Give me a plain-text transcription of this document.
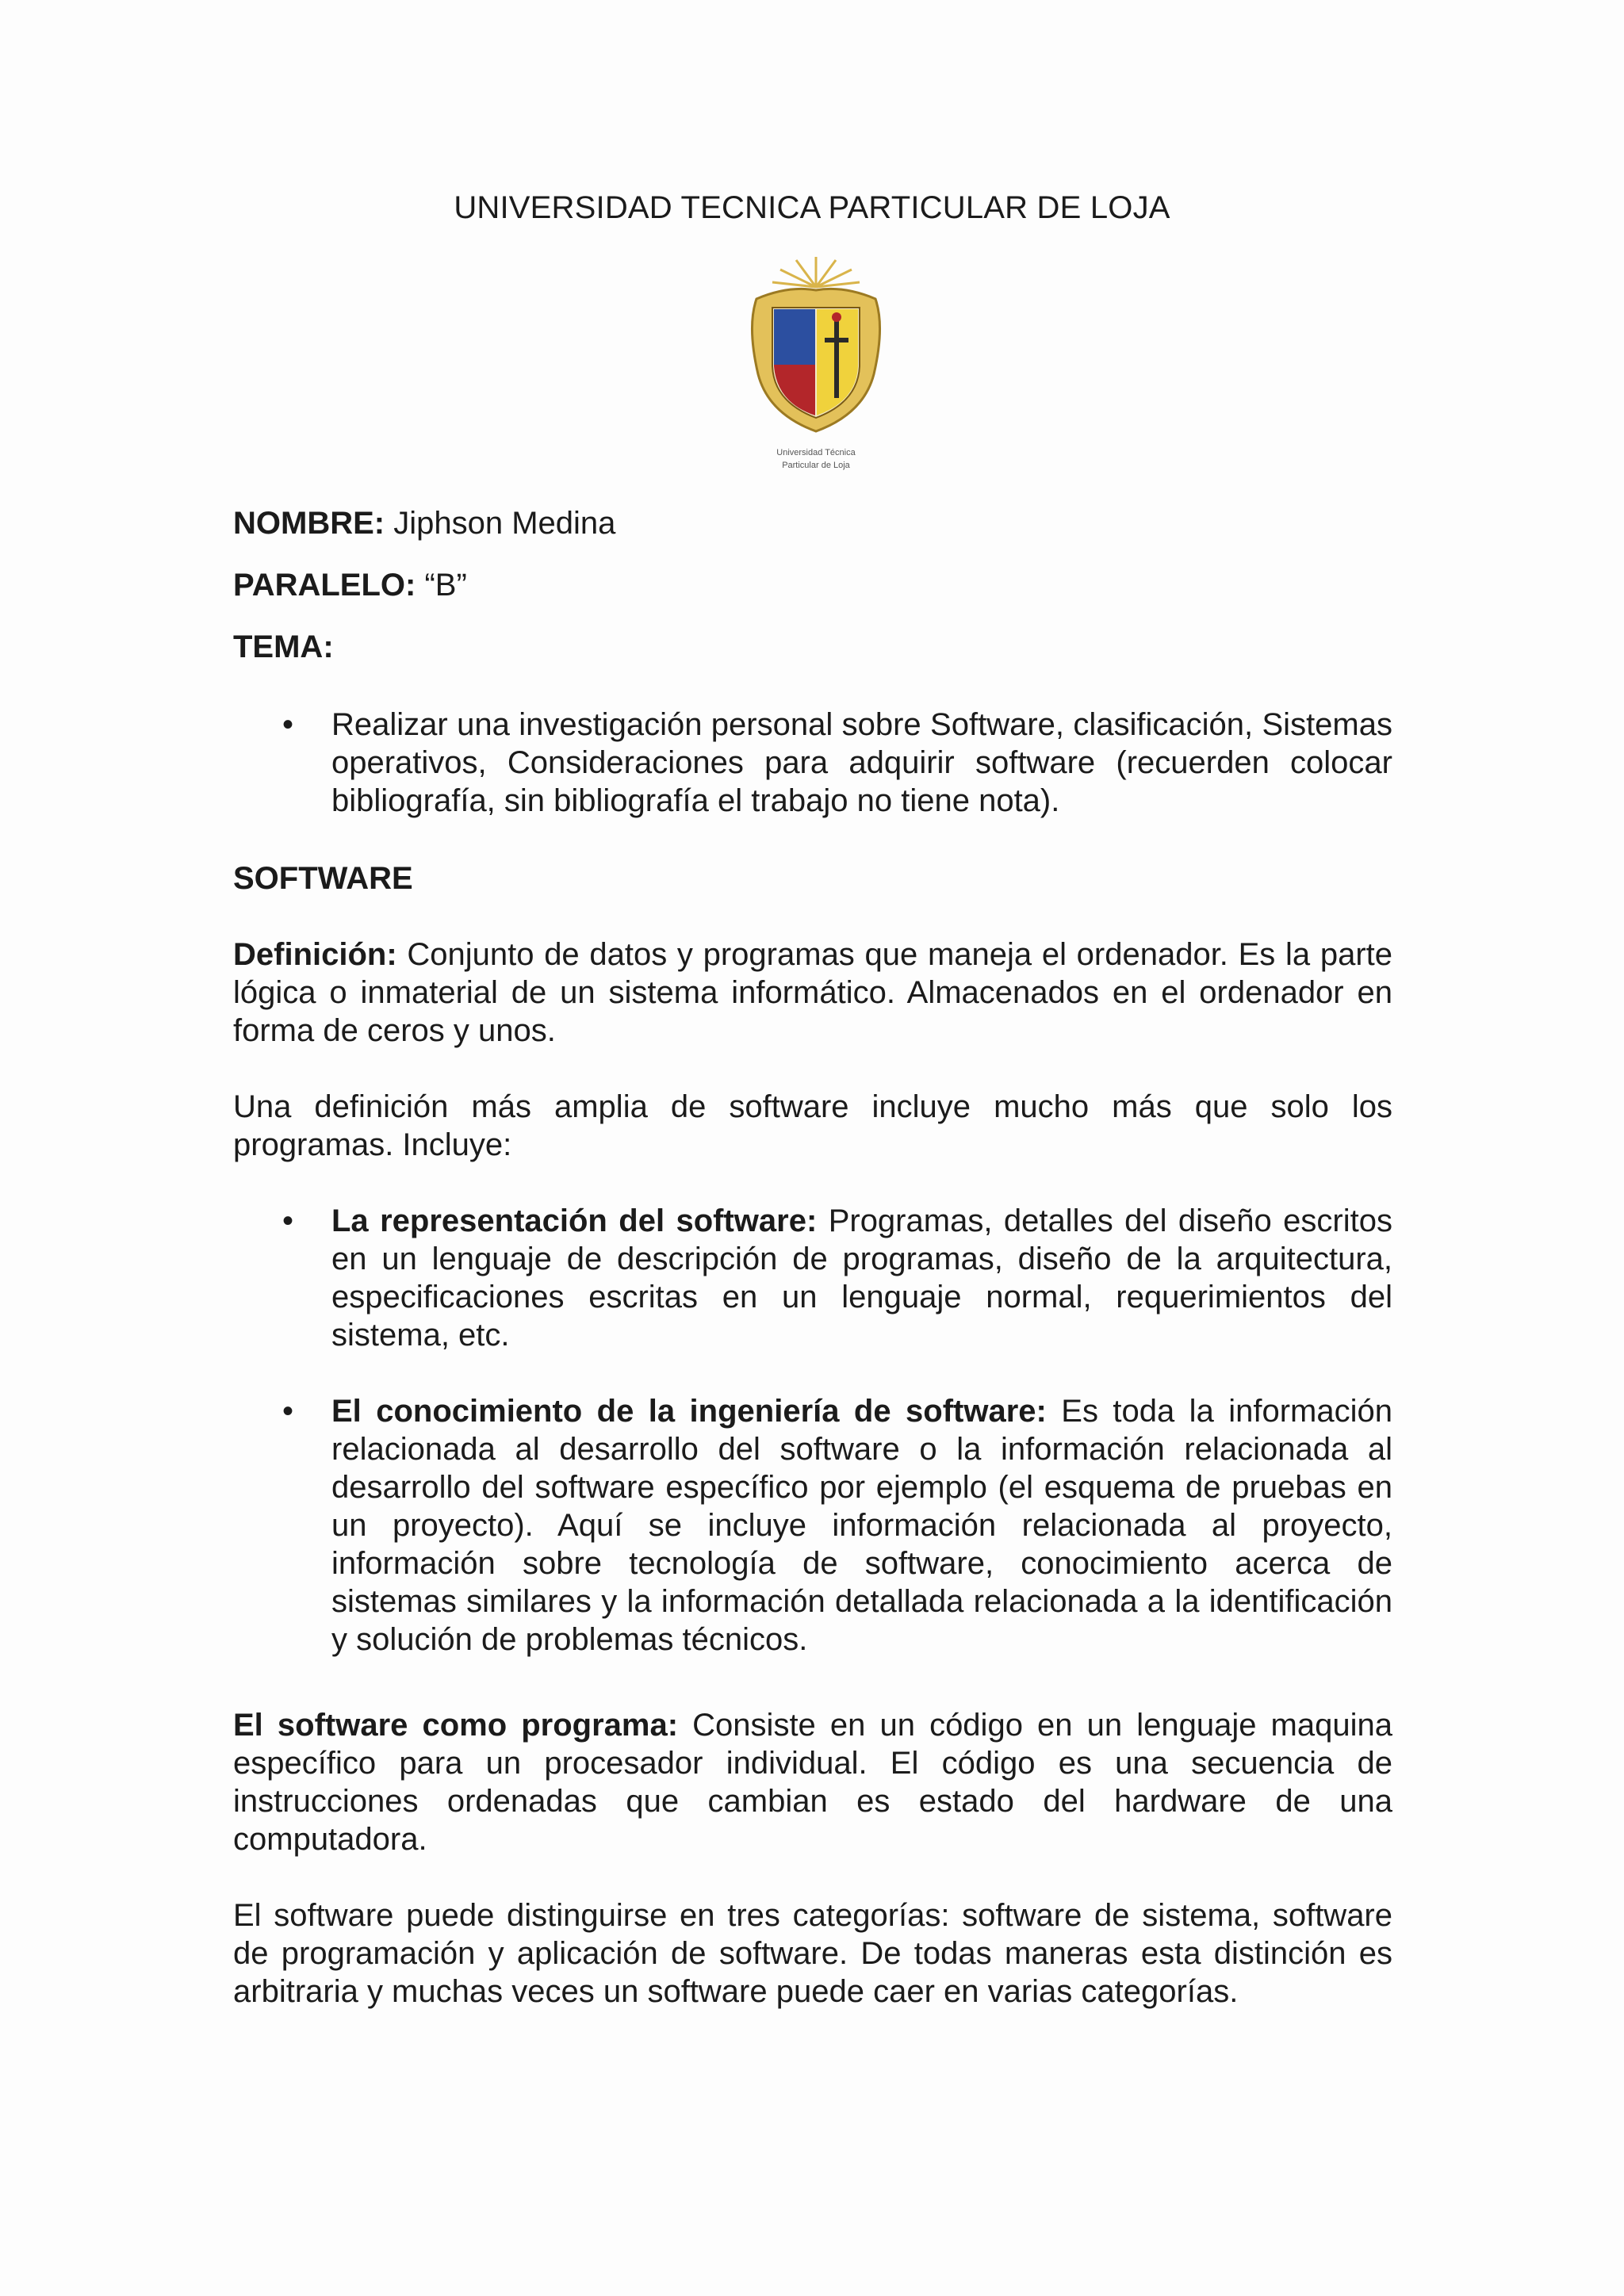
UNIVERSIDAD TECNICA PARTICULAR DE LOJA
Universidad Técnica
Particular de Loja

NOMBRE: Jiphson Medina

PARALELO: “B”

TEMA:

• Realizar una investigación personal sobre Software, clasificación, Sistemas operativos, Consideraciones para adquirir software (recuerden colocar bibliografía, sin bibliografía el trabajo no tiene nota).

SOFTWARE

Definición: Conjunto de datos y programas que maneja el ordenador. Es la parte lógica o inmaterial de un sistema informático. Almacenados en el ordenador en forma de ceros y unos.

Una definición más amplia de software incluye mucho más que solo los programas. Incluye:

• La representación del software: Programas, detalles del diseño escritos en un lenguaje de descripción de programas, diseño de la arquitectura, especificaciones escritas en un lenguaje normal, requerimientos del sistema, etc.
• El conocimiento de la ingeniería de software: Es toda la información relacionada al desarrollo del software o la información relacionada al desarrollo del software específico por ejemplo (el esquema de pruebas en un proyecto). Aquí se incluye información relacionada al proyecto, información sobre tecnología de software, conocimiento acerca de sistemas similares y la información detallada relacionada a la identificación y solución de problemas técnicos.

El software como programa: Consiste en un código en un lenguaje maquina específico para un procesador individual. El código es una secuencia de instrucciones ordenadas que cambian es estado del hardware de una computadora.

El software puede distinguirse en tres categorías: software de sistema, software de programación y aplicación de software. De todas maneras esta distinción es arbitraria y muchas veces un software puede caer en varias categorías.
